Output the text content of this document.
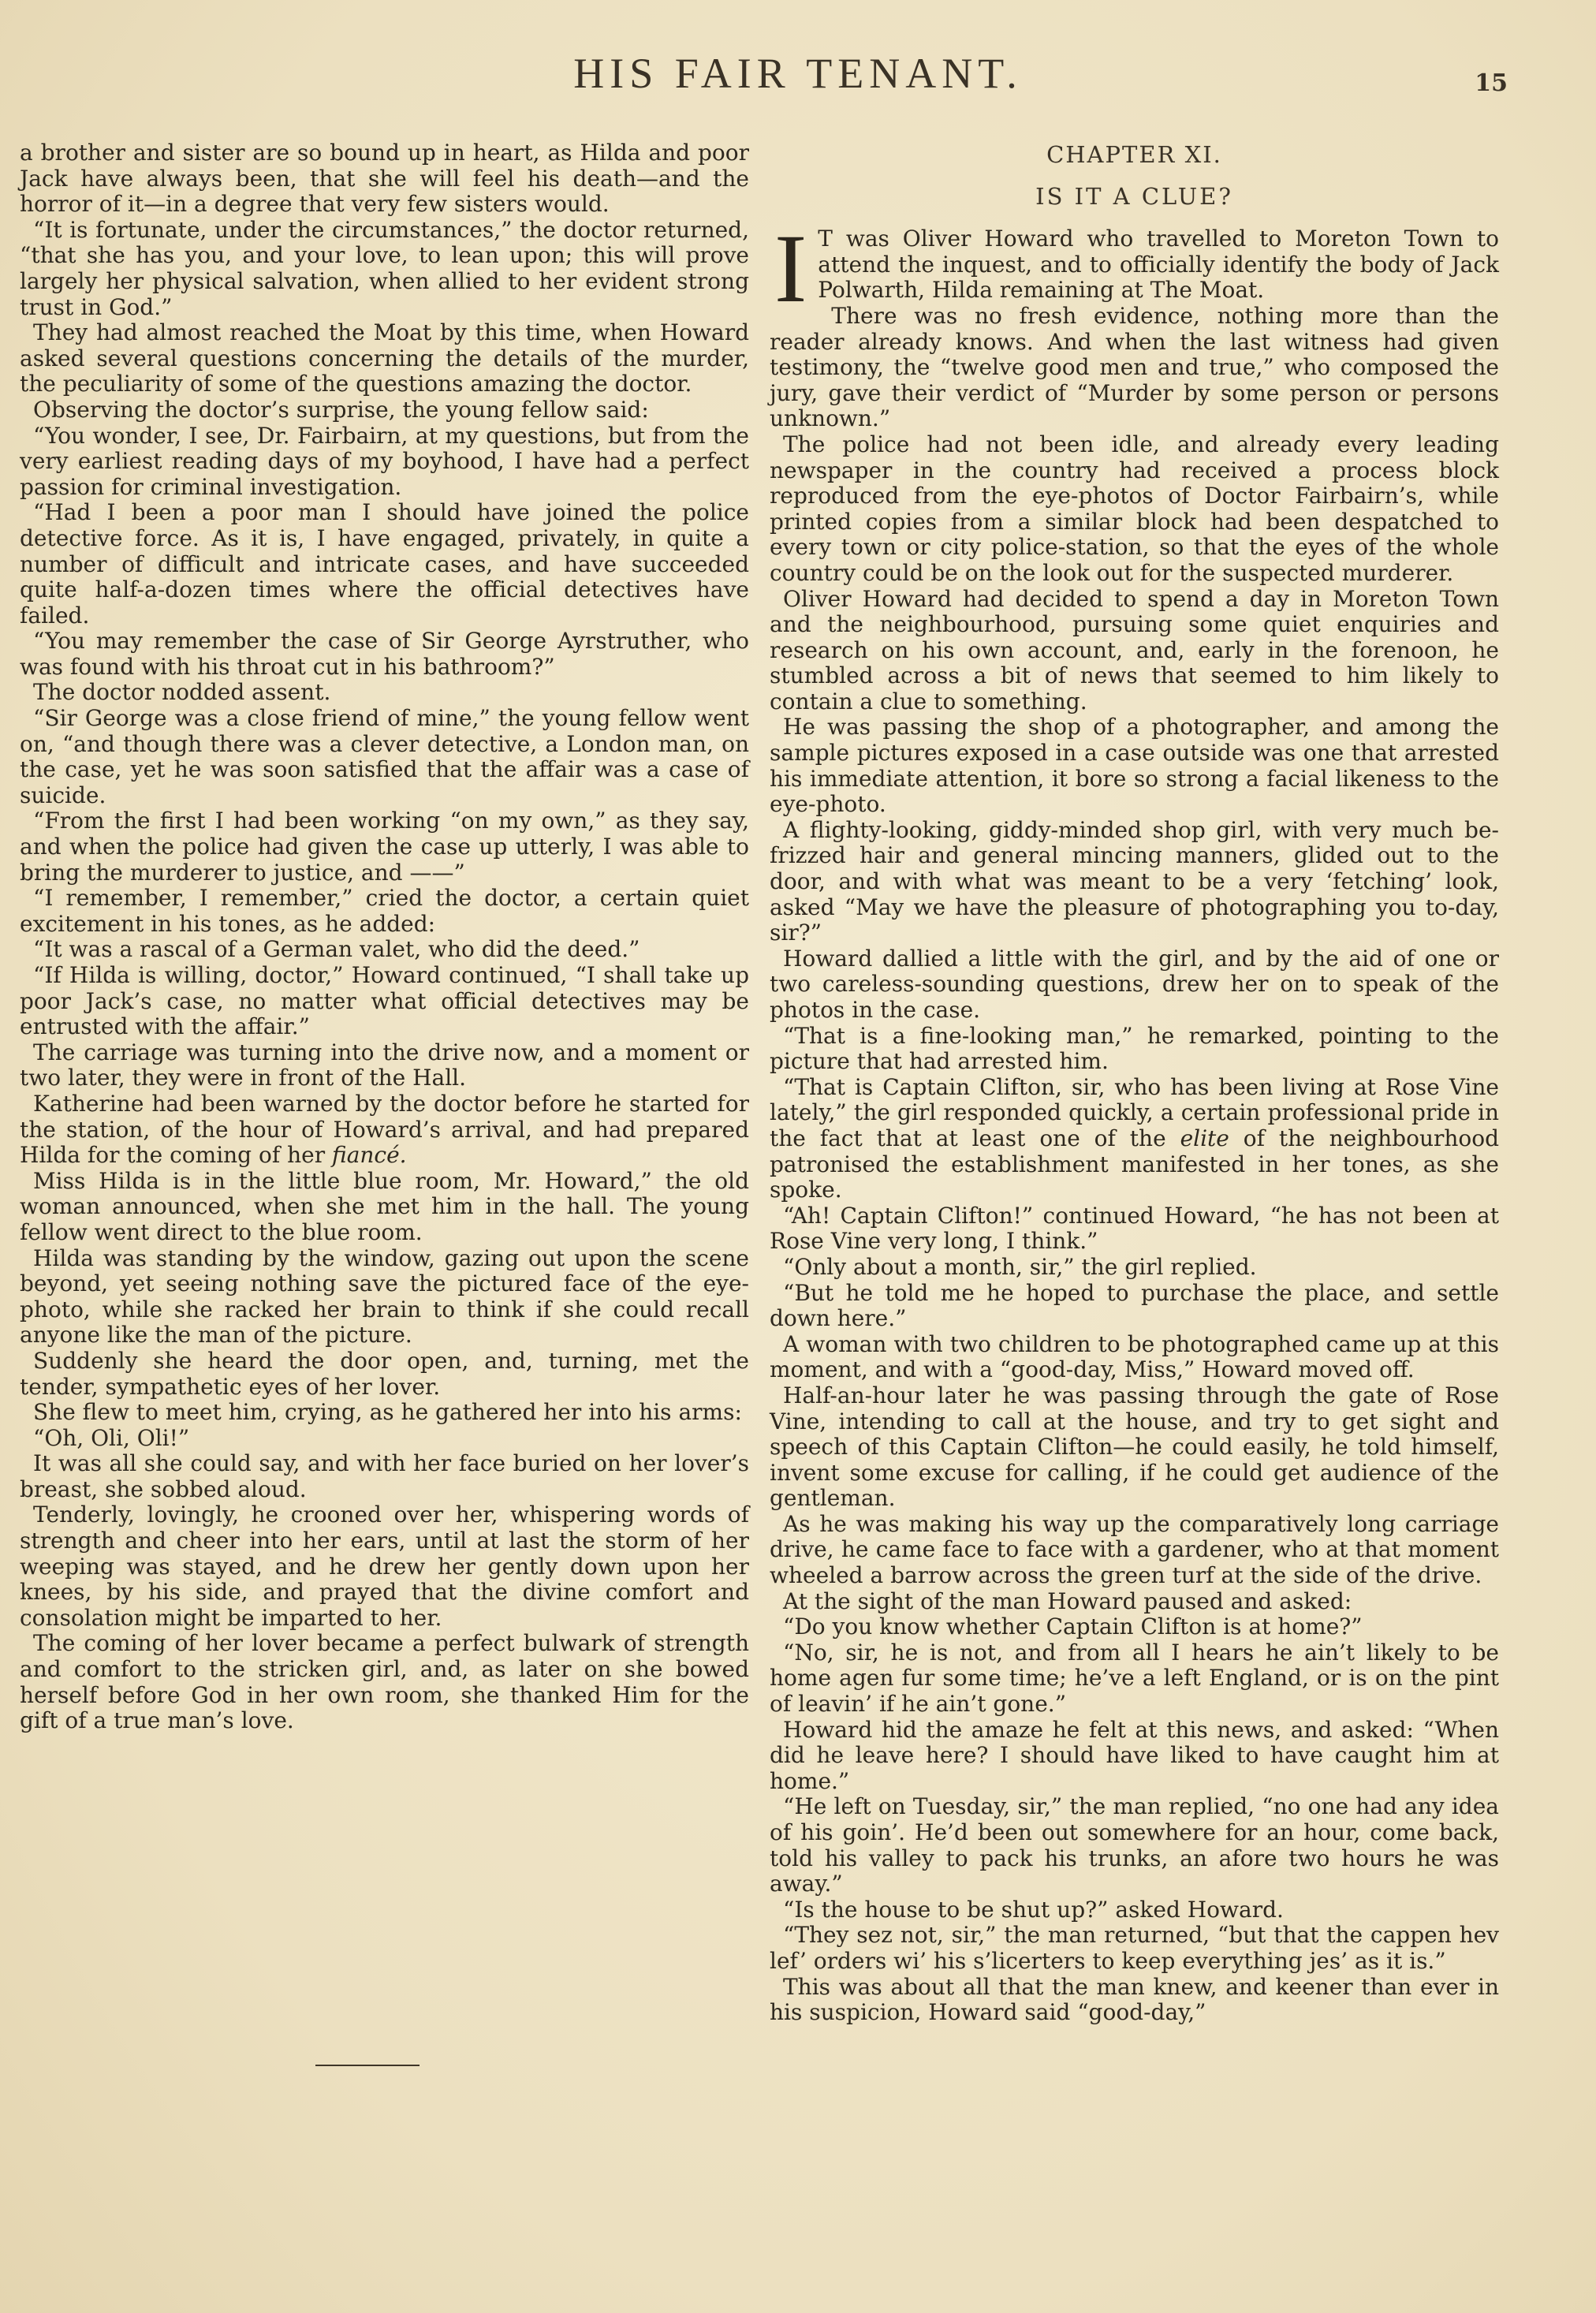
HIS FAIR TENANT.	15

a brother and sister are so bound up in heart, as Hilda and poor Jack have always been, that she will feel his death—and the horror of it—in a degree that very few sisters would.

“It is fortunate, under the circumstances,” the doctor returned, “that she has you, and your love, to lean upon; this will prove largely her physical salvation, when allied to her evident strong trust in God.”

They had almost reached the Moat by this time, when Howard asked several questions concerning the details of the murder, the peculiarity of some of the questions amazing the doctor.

Observing the doctor’s surprise, the young fellow said:

“You wonder, I see, Dr. Fairbairn, at my questions, but from the very earliest reading days of my boyhood, I have had a perfect passion for criminal investigation.

“Had I been a poor man I should have joined the police detective force. As it is, I have engaged, privately, in quite a number of difficult and intricate cases, and have succeeded quite half-a-dozen times where the official detectives have failed.

“You may remember the case of Sir George Ayrstruther, who was found with his throat cut in his bathroom?”

The doctor nodded assent.

“Sir George was a close friend of mine,” the young fellow went on, “and though there was a clever detective, a London man, on the case, yet he was soon satisfied that the affair was a case of suicide.

“From the first I had been working “on my own,” as they say, and when the police had given the case up utterly, I was able to bring the murderer to justice, and ——”

“I remember, I remember,” cried the doctor, a certain quiet excitement in his tones, as he added:

“It was a rascal of a German valet, who did the deed.”

“If Hilda is willing, doctor,” Howard continued, “I shall take up poor Jack’s case, no matter what official detectives may be entrusted with the affair.”

The carriage was turning into the drive now, and a moment or two later, they were in front of the Hall.

Katherine had been warned by the doctor before he started for the station, of the hour of Howard’s arrival, and had prepared Hilda for the coming of her fiancé.

Miss Hilda is in the little blue room, Mr. Howard,” the old woman announced, when she met him in the hall. The young fellow went direct to the blue room.

Hilda was standing by the window, gazing out upon the scene beyond, yet seeing nothing save the pictured face of the eye-photo, while she racked her brain to think if she could recall anyone like the man of the picture.

Suddenly she heard the door open, and, turning, met the tender, sympathetic eyes of her lover.

She flew to meet him, crying, as he gathered her into his arms:

“Oh, Oli, Oli!”

It was all she could say, and with her face buried on her lover’s breast, she sobbed aloud.

Tenderly, lovingly, he crooned over her, whispering words of strength and cheer into her ears, until at last the storm of her weeping was stayed, and he drew her gently down upon her knees, by his side, and prayed that the divine comfort and consolation might be imparted to her.

The coming of her lover became a perfect bulwark of strength and comfort to the stricken girl, and, as later on she bowed herself before God in her own room, she thanked Him for the gift of a true man’s love.

CHAPTER XI.
IS IT A CLUE?

I T was Oliver Howard who travelled to Moreton Town to attend the inquest, and to officially identify the body of Jack Polwarth, Hilda remaining at The Moat.

There was no fresh evidence, nothing more than the reader already knows. And when the last witness had given testimony, the “twelve good men and true,” who composed the jury, gave their verdict of “Murder by some person or persons unknown.”

The police had not been idle, and already every leading newspaper in the country had received a process block reproduced from the eye-photos of Doctor Fairbairn’s, while printed copies from a similar block had been despatched to every town or city police-station, so that the eyes of the whole country could be on the look out for the suspected murderer.

Oliver Howard had decided to spend a day in Moreton Town and the neighbourhood, pursuing some quiet enquiries and research on his own account, and, early in the forenoon, he stumbled across a bit of news that seemed to him likely to contain a clue to something.

He was passing the shop of a photographer, and among the sample pictures exposed in a case outside was one that arrested his immediate attention, it bore so strong a facial likeness to the eye-photo.

A flighty-looking, giddy-minded shop girl, with very much be-frizzed hair and general mincing manners, glided out to the door, and with what was meant to be a very ‘fetching’ look, asked “May we have the pleasure of photographing you to-day, sir?”

Howard dallied a little with the girl, and by the aid of one or two careless-sounding questions, drew her on to speak of the photos in the case.

“That is a fine-looking man,” he remarked, pointing to the picture that had arrested him.

“That is Captain Clifton, sir, who has been living at Rose Vine lately,” the girl responded quickly, a certain professional pride in the fact that at least one of the elite of the neighbourhood patronised the establishment manifested in her tones, as she spoke.

“Ah! Captain Clifton!” continued Howard, “he has not been at Rose Vine very long, I think.”

“Only about a month, sir,” the girl replied.

“But he told me he hoped to purchase the place, and settle down here.”

A woman with two children to be photographed came up at this moment, and with a “good-day, Miss,” Howard moved off.

Half-an-hour later he was passing through the gate of Rose Vine, intending to call at the house, and try to get sight and speech of this Captain Clifton—he could easily, he told himself, invent some excuse for calling, if he could get audience of the gentleman.

As he was making his way up the comparatively long carriage drive, he came face to face with a gardener, who at that moment wheeled a barrow across the green turf at the side of the drive.

At the sight of the man Howard paused and asked:

“Do you know whether Captain Clifton is at home?”

“No, sir, he is not, and from all I hears he ain’t likely to be home agen fur some time; he’ve a left England, or is on the pint of leavin’ if he ain’t gone.”

Howard hid the amaze he felt at this news, and asked: “When did he leave here? I should have liked to have caught him at home.”

“He left on Tuesday, sir,” the man replied, “no one had any idea of his goin’. He’d been out somewhere for an hour, come back, told his valley to pack his trunks, an afore two hours he was away.”

“Is the house to be shut up?” asked Howard.

“They sez not, sir,” the man returned, “but that the cappen hev lef’ orders wi’ his s’licerters to keep everything jes’ as it is.”

This was about all that the man knew, and keener than ever in his suspicion, Howard said “good-day,”
